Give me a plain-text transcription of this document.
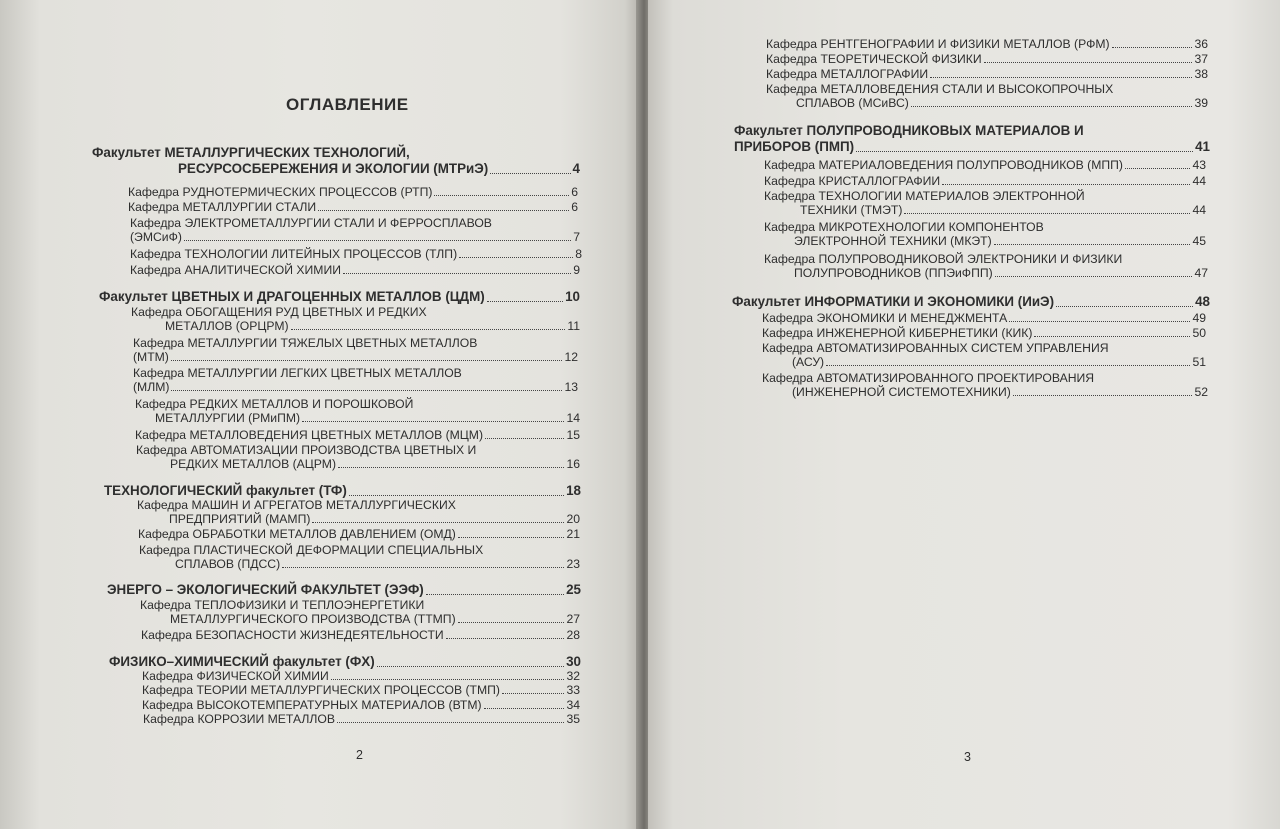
ОГЛАВЛЕНИЕ
Факультет МЕТАЛЛУРГИЧЕСКИХ ТЕХНОЛОГИЙ,
РЕСУРСОСБЕРЕЖЕНИЯ И ЭКОЛОГИИ (МТРиЭ)	4
Кафедра РУДНОТЕРМИЧЕСКИХ ПРОЦЕССОВ (РТП)	6
Кафедра МЕТАЛЛУРГИИ СТАЛИ	6
Кафедра ЭЛЕКТРОМЕТАЛЛУРГИИ СТАЛИ И ФЕРРОСПЛАВОВ
(ЭМСиФ)	7
Кафедра ТЕХНОЛОГИИ ЛИТЕЙНЫХ ПРОЦЕССОВ (ТЛП)	8
Кафедра АНАЛИТИЧЕСКОЙ ХИМИИ	9
Факультет ЦВЕТНЫХ И ДРАГОЦЕННЫХ МЕТАЛЛОВ (ЦДМ)	10
Кафедра ОБОГАЩЕНИЯ РУД ЦВЕТНЫХ И РЕДКИХ
МЕТАЛЛОВ (ОРЦРМ)	11
Кафедра МЕТАЛЛУРГИИ ТЯЖЕЛЫХ ЦВЕТНЫХ МЕТАЛЛОВ
(МТМ)	12
Кафедра МЕТАЛЛУРГИИ ЛЕГКИХ ЦВЕТНЫХ МЕТАЛЛОВ
(МЛМ)	13
Кафедра РЕДКИХ МЕТАЛЛОВ И ПОРОШКОВОЙ
МЕТАЛЛУРГИИ (РМиПМ)	14
Кафедра МЕТАЛЛОВЕДЕНИЯ ЦВЕТНЫХ МЕТАЛЛОВ (МЦМ)	15
Кафедра АВТОМАТИЗАЦИИ ПРОИЗВОДСТВА ЦВЕТНЫХ И
РЕДКИХ МЕТАЛЛОВ (АЦРМ)	16
ТЕХНОЛОГИЧЕСКИЙ факультет (ТФ)	18
Кафедра МАШИН И АГРЕГАТОВ МЕТАЛЛУРГИЧЕСКИХ
ПРЕДПРИЯТИЙ (МАМП)	20
Кафедра ОБРАБОТКИ МЕТАЛЛОВ ДАВЛЕНИЕМ (ОМД)	21
Кафедра ПЛАСТИЧЕСКОЙ ДЕФОРМАЦИИ СПЕЦИАЛЬНЫХ
СПЛАВОВ (ПДСС)	23
ЭНЕРГО – ЭКОЛОГИЧЕСКИЙ ФАКУЛЬТЕТ (ЭЭФ)	25
Кафедра ТЕПЛОФИЗИКИ И ТЕПЛОЭНЕРГЕТИКИ
МЕТАЛЛУРГИЧЕСКОГО ПРОИЗВОДСТВА (ТТМП)	27
Кафедра БЕЗОПАСНОСТИ ЖИЗНЕДЕЯТЕЛЬНОСТИ	28
ФИЗИКО–ХИМИЧЕСКИЙ факультет (ФХ)	30
Кафедра ФИЗИЧЕСКОЙ ХИМИИ	32
Кафедра ТЕОРИИ МЕТАЛЛУРГИЧЕСКИХ ПРОЦЕССОВ (ТМП)	33
Кафедра ВЫСОКОТЕМПЕРАТУРНЫХ МАТЕРИАЛОВ (ВТМ)	34
Кафедра КОРРОЗИИ МЕТАЛЛОВ	35
2
Кафедра РЕНТГЕНОГРАФИИ И ФИЗИКИ МЕТАЛЛОВ (РФМ)	36
Кафедра ТЕОРЕТИЧЕСКОЙ ФИЗИКИ	37
Кафедра МЕТАЛЛОГРАФИИ	38
Кафедра МЕТАЛЛОВЕДЕНИЯ СТАЛИ И ВЫСОКОПРОЧНЫХ
СПЛАВОВ (МСиВС)	39
Факультет ПОЛУПРОВОДНИКОВЫХ МАТЕРИАЛОВ И
ПРИБОРОВ (ПМП)	41
Кафедра МАТЕРИАЛОВЕДЕНИЯ ПОЛУПРОВОДНИКОВ (МПП)	43
Кафедра КРИСТАЛЛОГРАФИИ	44
Кафедра ТЕХНОЛОГИИ МАТЕРИАЛОВ ЭЛЕКТРОННОЙ
ТЕХНИКИ (ТМЭТ)	44
Кафедра МИКРОТЕХНОЛОГИИ КОМПОНЕНТОВ
ЭЛЕКТРОННОЙ ТЕХНИКИ (МКЭТ)	45
Кафедра ПОЛУПРОВОДНИКОВОЙ ЭЛЕКТРОНИКИ И ФИЗИКИ
ПОЛУПРОВОДНИКОВ (ППЭиФПП)	47
Факультет ИНФОРМАТИКИ И ЭКОНОМИКИ (ИиЭ)	48
Кафедра ЭКОНОМИКИ И МЕНЕДЖМЕНТА	49
Кафедра ИНЖЕНЕРНОЙ КИБЕРНЕТИКИ (КИК)	50
Кафедра АВТОМАТИЗИРОВАННЫХ СИСТЕМ УПРАВЛЕНИЯ
(АСУ)	51
Кафедра АВТОМАТИЗИРОВАННОГО ПРОЕКТИРОВАНИЯ
(ИНЖЕНЕРНОЙ СИСТЕМОТЕХНИКИ)	52
3
